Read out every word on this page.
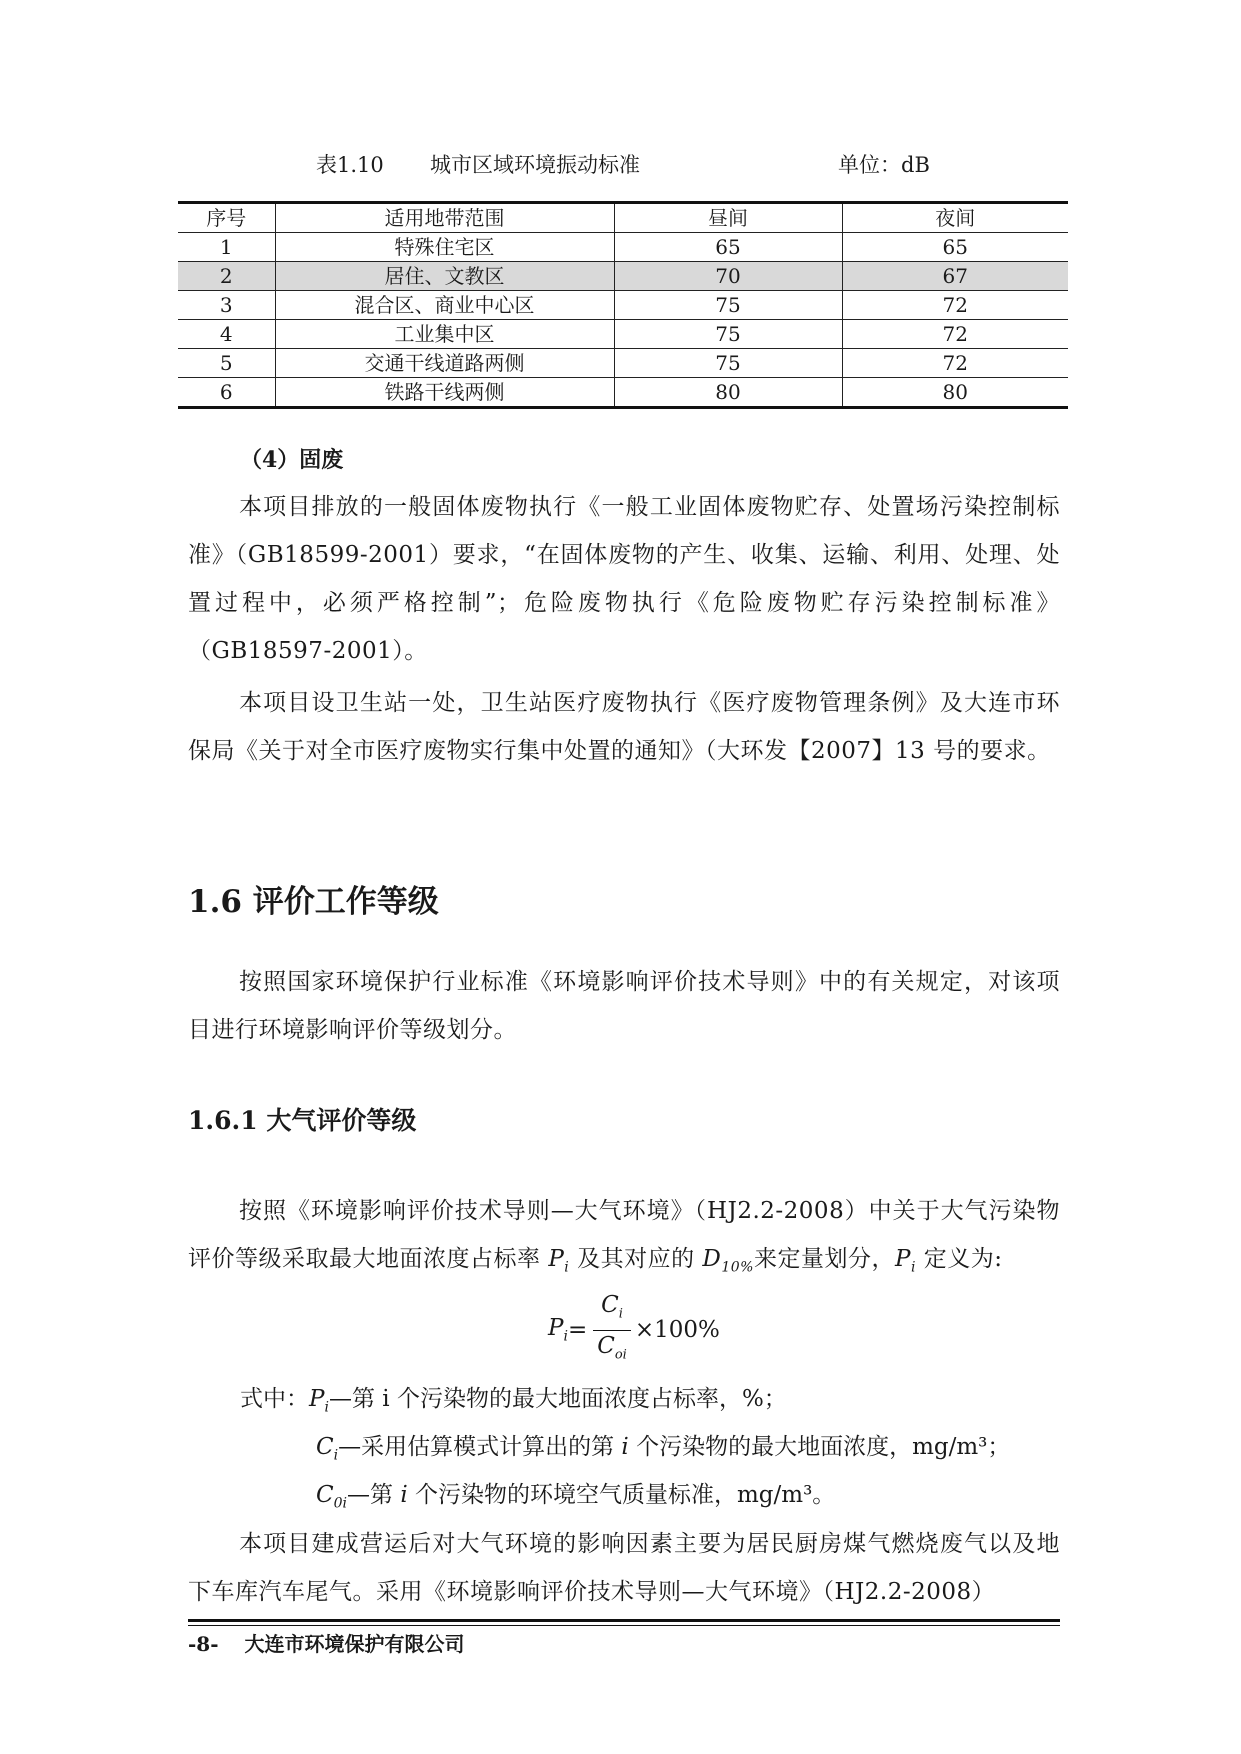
表1.10 城市区域环境振动标准	单位：dB
序号	适用地带范围	昼间	夜间
1	特殊住宅区	65	65
2	居住、文教区	70	67
3	混合区、商业中心区	75	72
4	工业集中区	75	72
5	交通干线道路两侧	75	72
6	铁路干线两侧	80	80
（4）固废
本项目排放的一般固体废物执行《一般工业固体废物贮存、处置场污染控制标准》（GB18599-2001）要求，“在固体废物的产生、收集、运输、利用、处理、处置过程中，必须严格控制”；危险废物执行《危险废物贮存污染控制标准》（GB18597-2001）。
本项目设卫生站一处，卫生站医疗废物执行《医疗废物管理条例》及大连市环保局《关于对全市医疗废物实行集中处置的通知》（大环发【2007】13 号的要求。
1.6 评价工作等级
按照国家环境保护行业标准《环境影响评价技术导则》中的有关规定，对该项目进行环境影响评价等级划分。
1.6.1 大气评价等级
按照《环境影响评价技术导则—大气环境》（HJ2.2-2008）中关于大气污染物评价等级采取最大地面浓度占标率 $P_i$ 及其对应的 $D_{10\%}$来定量划分，$P_i$ 定义为:
$P_i = \frac{C_i}{C_{oi}} \times 100\%$
式中：$P_i—$第 i 个污染物的最大地面浓度占标率，%；
$C_i—$采用估算模式计算出的第 i 个污染物的最大地面浓度，mg/m³；
$C_{0i}—$第 i 个污染物的环境空气质量标准，mg/m³。
本项目建成营运后对大气环境的影响因素主要为居民厨房煤气燃烧废气以及地下车库汽车尾气。采用《环境影响评价技术导则—大气环境》（HJ2.2-2008）
-8- 大连市环境保护有限公司
